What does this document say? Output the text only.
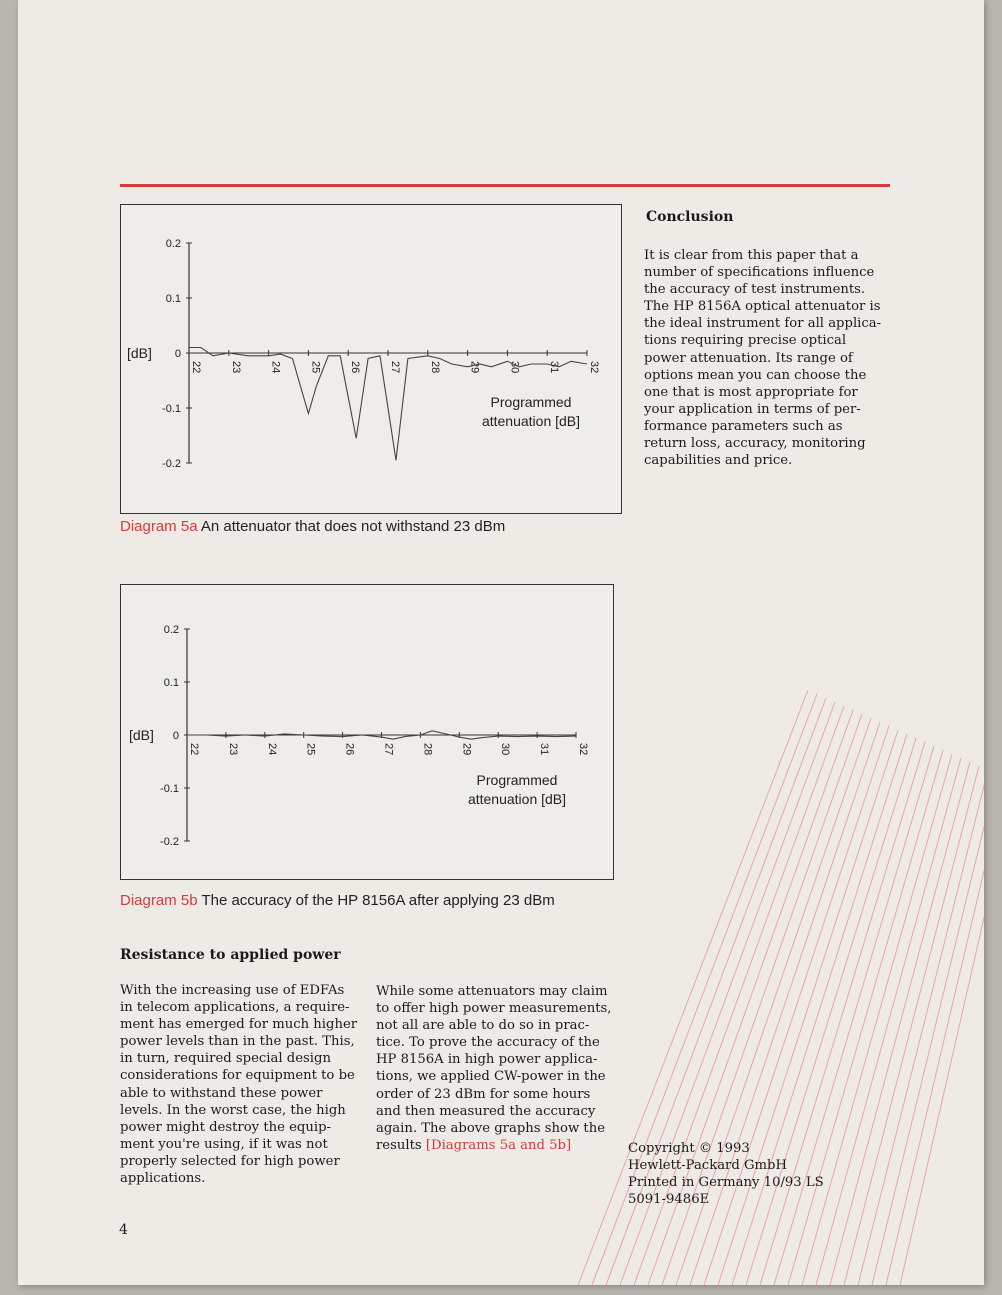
0.2
0.1
0
-0.1
-0.2
[dB]
22	23	24	25	26	27	28	29	30	31	32
Programmed
attenuation [dB]
Diagram 5a An attenuator that does not withstand 23 dBm
0.2
0.1
0
-0.1
-0.2
[dB]
22 23 24 25 26 27 28 29 30 31 32
Programmed
attenuation [dB]
Diagram 5b The accuracy of the HP 8156A after applying 23 dBm
Conclusion

It is clear from this paper that a
number of specifications influence
the accuracy of test instruments.
The HP 8156A optical attenuator is
the ideal instrument for all applica-
tions requiring precise optical
power attenuation. Its range of
options mean you can choose the
one that is most appropriate for
your application in terms of per-
formance parameters such as
return loss, accuracy, monitoring
capabilities and price.

Resistance to applied power

With the increasing use of EDFAs
in telecom applications, a require-
ment has emerged for much higher
power levels than in the past. This,
in turn, required special design
considerations for equipment to be
able to withstand these power
levels. In the worst case, the high
power might destroy the equip-
ment you're using, if it was not
properly selected for high power
applications.

While some attenuators may claim
to offer high power measurements,
not all are able to do so in prac-
tice. To prove the accuracy of the
HP 8156A in high power applica-
tions, we applied CW-power in the
order of 23 dBm for some hours
and then measured the accuracy
again. The above graphs show the
results [Diagrams 5a and 5b]	Copyright © 1993
Hewlett-Packard GmbH
Printed in Germany 10/93 LS
5091-9486E
4
